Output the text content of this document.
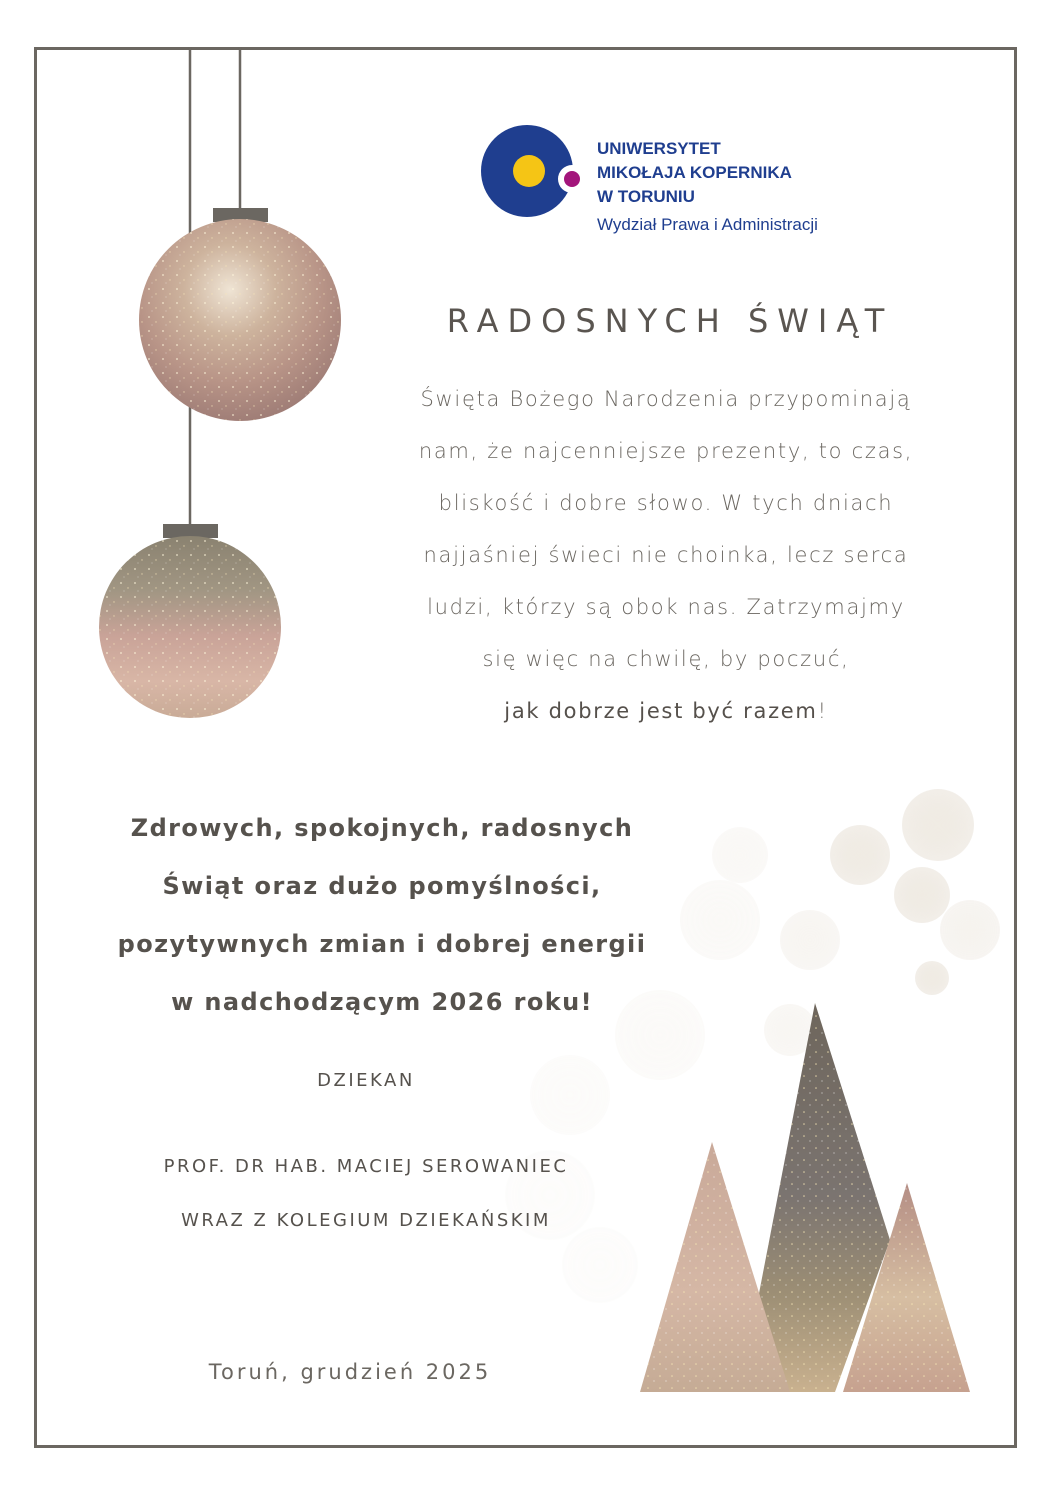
UNIWERSYTET
MIKOŁAJA KOPERNIKA
W TORUNIU
Wydział Prawa i Administracji
RADOSNYCH ŚWIĄT

Święta Bożego Narodzenia przypominają

nam, że najcenniejsze prezenty, to czas,

bliskość i dobre słowo. W tych dniach

najjaśniej świeci nie choinka, lecz serca

ludzi, którzy są obok nas. Zatrzymajmy

się więc na chwilę, by poczuć,

jak dobrze jest być razem!

Zdrowych, spokojnych, radosnych

Świąt oraz dużo pomyślności,

pozytywnych zmian i dobrej energii

w nadchodzącym 2026 roku!

DZIEKAN

PROF. DR HAB. MACIEJ SEROWANIEC

WRAZ Z KOLEGIUM DZIEKAŃSKIM

Toruń, grudzień 2025
